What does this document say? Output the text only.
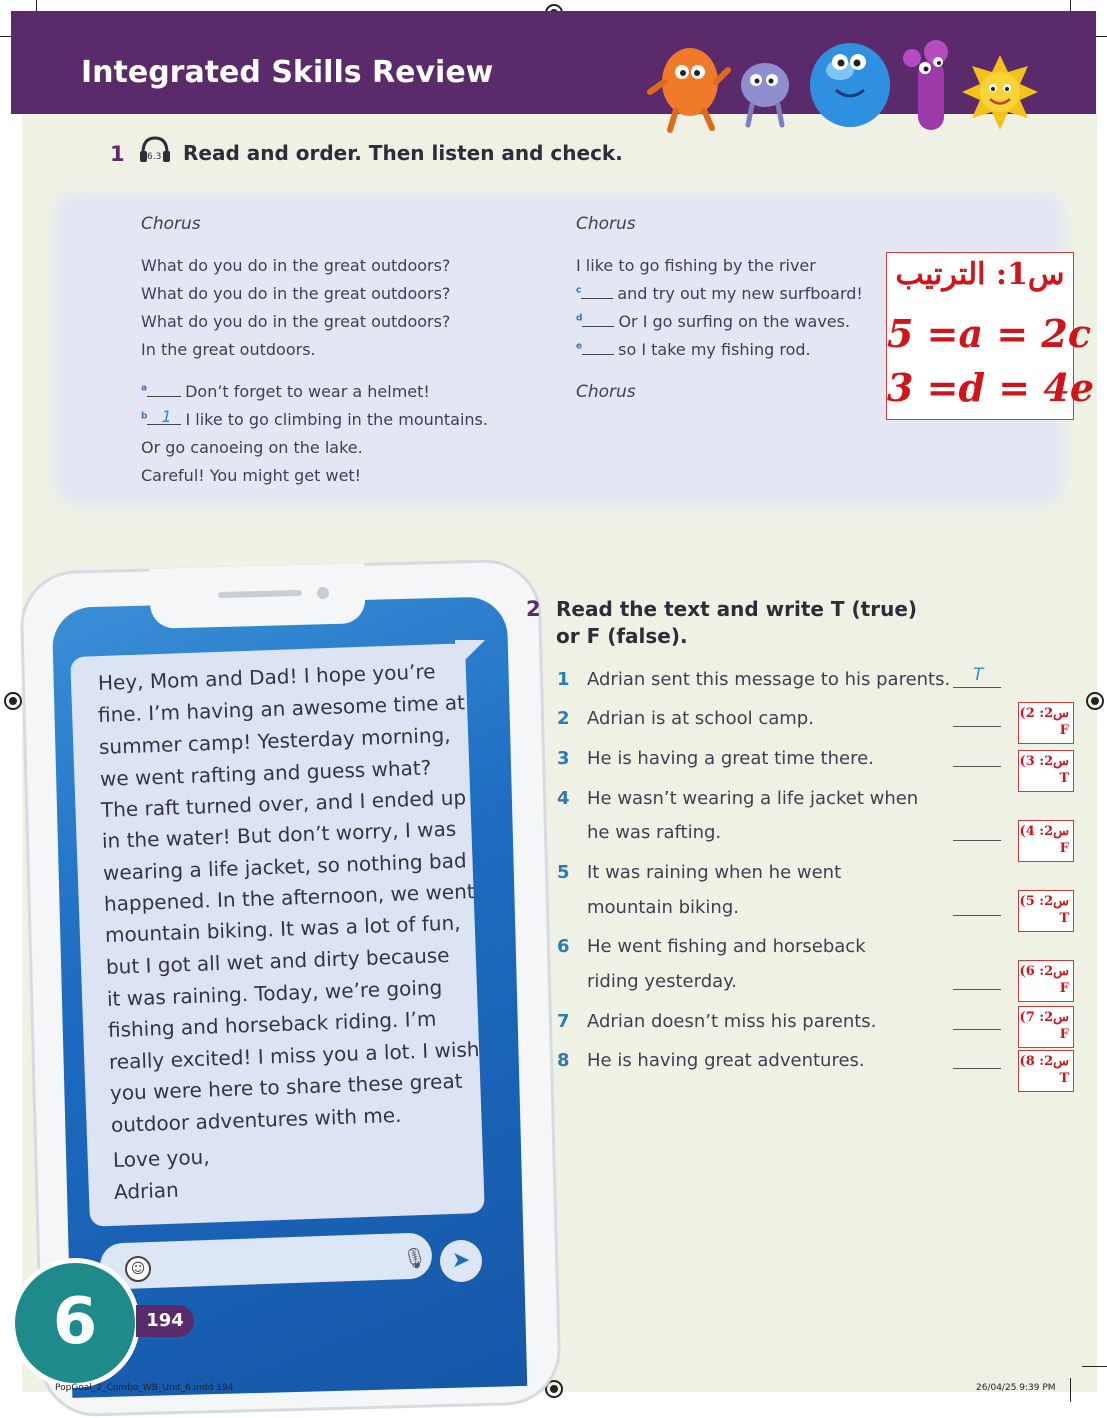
Integrated Skills Review
1 6.3 Read and order. Then listen and check.
Chorus
What do you do in the great outdoors?
What do you do in the great outdoors?
What do you do in the great outdoors?
In the great outdoors.
$^a$ Don’t forget to wear a helmet!
$^b$ 1 I like to go climbing in the mountains.
Or go canoeing on the lake.
Careful! You might get wet!
Chorus
I like to go fishing by the river
$^c$ and try out my new surfboard!
$^d$ Or I go surfing on the waves.
$^e$ so I take my fishing rod.
Chorus
س1: الترتيب
5 =a = 2c
3 =d = 4e
Hey, Mom and Dad! I hope you’re
fine. I’m having an awesome time at
summer camp! Yesterday morning,
we went rafting and guess what?
The raft turned over, and I ended up
in the water! But don’t worry, I was
wearing a life jacket, so nothing bad
happened. In the afternoon, we went
mountain biking. It was a lot of fun,
but I got all wet and dirty because
it was raining. Today, we’re going
fishing and horseback riding. I’m
really excited! I miss you a lot. I wish
you were here to share these great
outdoor adventures with me.
Love you,
Adrian
🎙	➤
☺
6	194
2 Read the text and write T (true)
or F (false).
1 Adrian sent this message to his parents. T
2 Adrian is at school camp.	س2: 2)
F
3 He is having a great time there.	س2: 3)
T
4 He wasn’t wearing a life jacket when
he was rafting.	س2: 4)
F
5 It was raining when he went
mountain biking.	س2: 5)
T
6 He went fishing and horseback
riding yesterday.	س2: 6)
F
7 Adrian doesn’t miss his parents.	س2: 7)
F
8 He is having great adventures.	س2: 8)
T
PopGoal_2_Combo_WB_Unit_6.indd 194	26/04/25 9:39 PM
